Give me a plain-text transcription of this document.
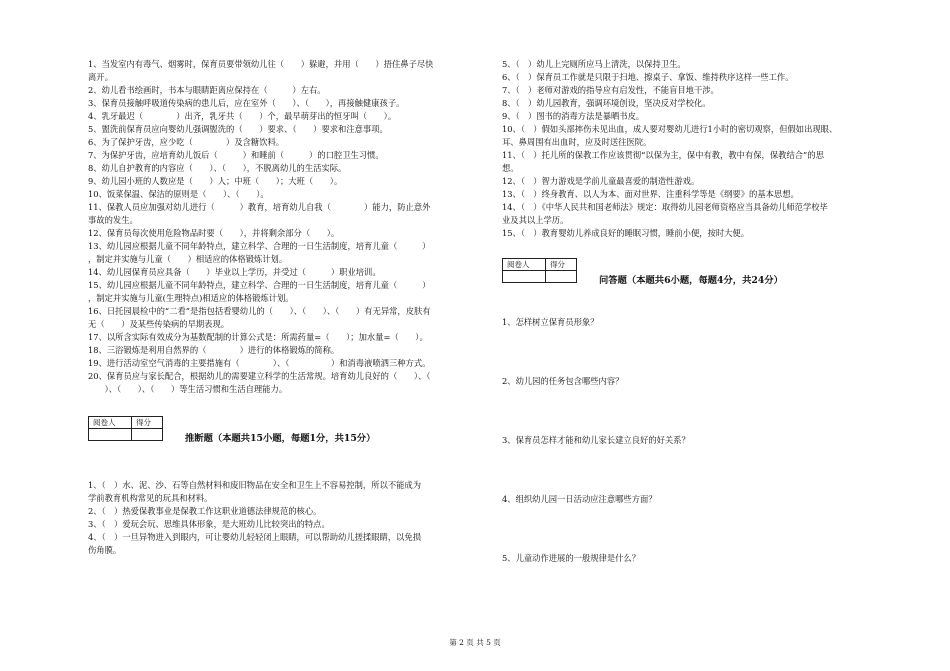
1、当发室内有毒气、烟雾时，保育员要带领幼儿往（　　）躲避，并用（　　）捂住鼻子尽快
离开。
2、幼儿看书绘画时，书本与眼睛距离应保持在（　　　）左右。
3、保育员接触呼吸道传染病的患儿后，应在室外（　　）、（　　），再接触健康孩子。
4、乳牙最迟（　　　　）出齐，乳牙共（　　）个，最早萌芽出的恒牙叫（　　）。
5、盥洗前保育员应向婴幼儿强调盥洗的（　　）要求、（　　）要求和注意事项。
6、为了保护牙齿，应少吃（　　　　）及含糖饮料。
7、为保护牙齿，应培育幼儿饭后（　　　）和睡前（　　　）的口腔卫生习惯。
8、幼儿自护教育的内容应（　　）、（　　），不脱离幼儿的生活实际。
9、幼儿园小班的人数应是（　　）人；中班（　　）；大班（　　）。
10、饭菜保温、保洁的原则是（　　）、（　　）。
11、保教人员应加强对幼儿进行（　　　）教育，培育幼儿自我（　　　　）能力，防止意外
事故的发生。
12、保育员每次使用危险物品时要（　　），并将剩余部分（　　）。
13、幼儿园应根据儿童不同年龄特点，建立科学、合理的一日生活制度，培育儿童（　　　）
，制定并实施与儿童（　　）相适应的体格锻炼计划。
14、幼儿园保育员应具备（　　）毕业以上学历，并受过（　　　）职业培训。
15、幼儿园应根据儿童不同年龄特点，建立科学、合理的一日生活制度，培育儿童（　　　）
，制定并实施与儿童(生理特点)相适应的体格锻炼计划。
16、日托园晨检中的“二看”是指包括看婴幼儿的（　　）、（　　）、（　　）有无异常，皮肤有
无（　　）及某些传染病的早期表现。
17、以所含实际有效成分为基数配制的计算公式是：所需药量=（　　）；加水量=（　　）。
18、三浴锻炼是利用自然界的（　　　　）进行的体格锻炼的简称。
19、进行活动室空气消毒的主要措施有（　　　　）、（　　　　　）和消毒液喷洒三种方式。
20、保育员应与家长配合，根据幼儿的需要建立科学的生活常规。培育幼儿良好的（　　）、（
　　）、（　　）、（　　）等生活习惯和生活自理能力。
阅卷人	得分

推断题（本题共15小题，每题1分，共15分）
1、（　）水、泥、沙、石等自然材料和废旧物品在安全和卫生上不容易控制，所以不能成为
学前教育机构常见的玩具和材料。
2、（　）热爱保教事业是保教工作这职业道德法律规范的核心。
3、（　）爱玩会玩、思维具体形象，是大班幼儿比较突出的特点。
4、（　）一旦异物进入到眼内，可让婴幼儿轻轻闭上眼睛，可以帮助幼儿搓揉眼睛，以免损
伤角膜。
5、（　）幼儿上完厕所应马上清洗，以保持卫生。
6、（　）保育员工作就是只限于扫地、擦桌子、拿饭、维持秩序这样一些工作。
7、（　）老师对游戏的指导应有启发性，不能盲目地干涉。
8、（　）幼儿园教育，强调环境创设，坚决反对学校化。
9、（　）图书的消毒方法是暴晒书皮。
10、（　）假如头部摔伤未见出血，成人要对婴幼儿进行1小时的密切观察，但假如出现眼、
耳、鼻周围有出血时，应及时送往医院。
11、（　）托儿所的保教工作应该贯彻“以保为主，保中有教，教中有保，保教结合”的思
想。
12、（　）智力游戏是学前儿童最喜爱的制造性游戏。
13、（　）终身教育、以人为本、面对世界、注重科学等是《纲要》的基本思想。
14、（　）《中华人民共和国老师法》规定：取得幼儿园老师资格应当具备幼儿师范学校毕
业及其以上学历。
15、（　）教育婴幼儿养成良好的睡眠习惯，睡前小便，按时大便。
阅卷人	得分

问答题（本题共6小题，每题4分，共24分）
1、怎样树立保育员形象？
2、幼儿园的任务包含哪些内容？
3、保育员怎样才能和幼儿家长建立良好的好关系？
4、组织幼儿园一日活动应注意哪些方面？
5、儿童动作进展的一般规律是什么？
第 2 页 共 5 页
